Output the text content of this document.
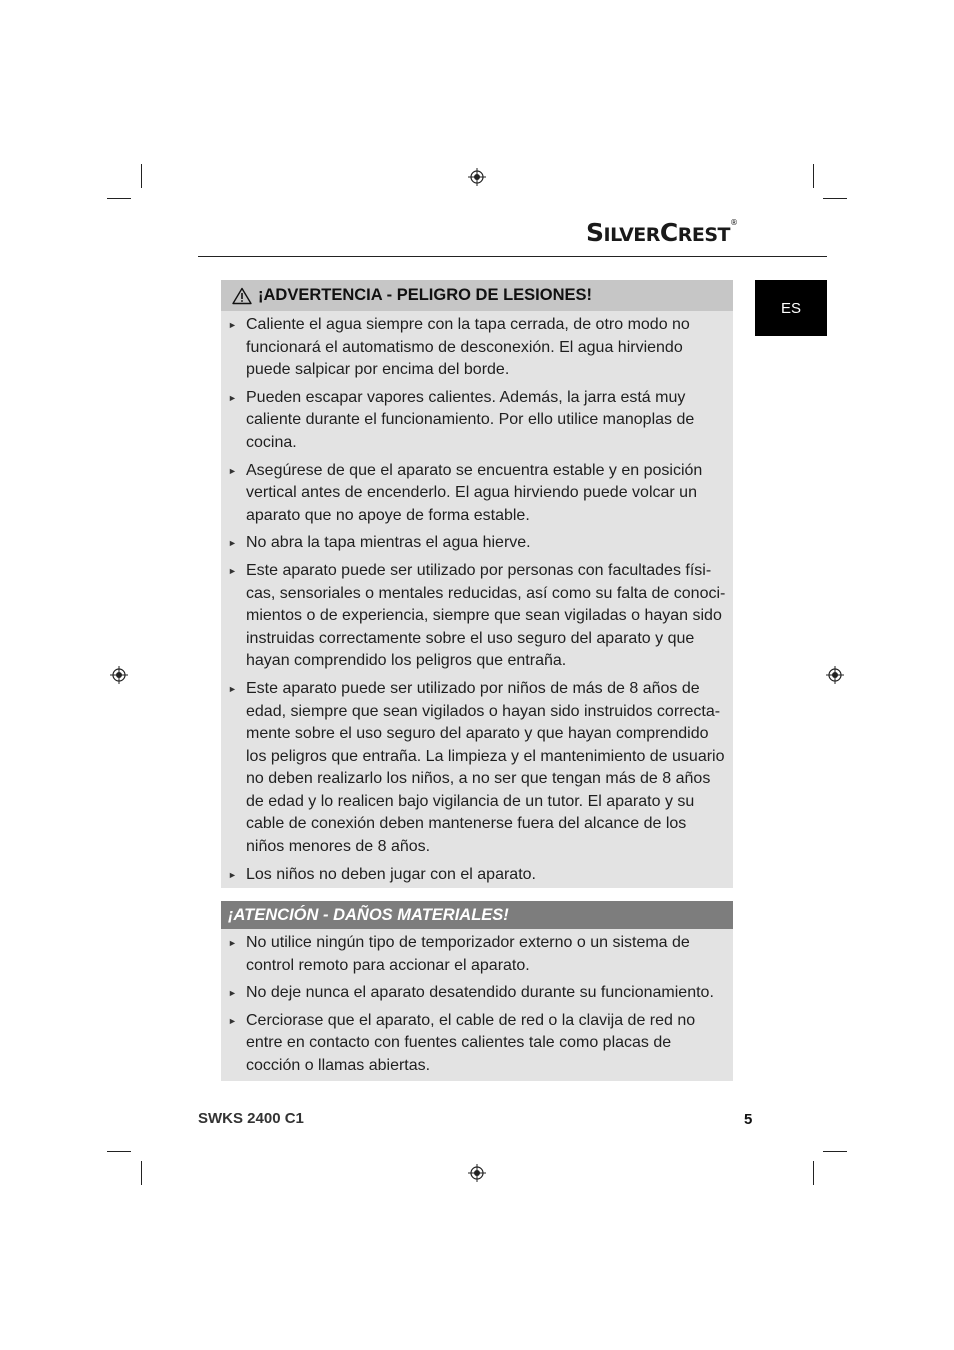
SILVERCREST®
ES
¡ADVERTENCIA - PELIGRO DE LESIONES!
► Caliente el agua siempre con la tapa cerrada, de otro modo no funcionará el automatismo de desconexión. El agua hirviendo puede salpicar por encima del borde.
► Pueden escapar vapores calientes. Además, la jarra está muy caliente durante el funcionamiento. Por ello utilice manoplas de cocina.
► Asegúrese de que el aparato se encuentra estable y en posición vertical antes de encenderlo. El agua hirviendo puede volcar un aparato que no apoye de forma estable.
► No abra la tapa mientras el agua hierve.
► Este aparato puede ser utilizado por personas con facultades físi-cas, sensoriales o mentales reducidas, así como su falta de conoci-mientos o de experiencia, siempre que sean vigiladas o hayan sido instruidas correctamente sobre el uso seguro del aparato y que hayan comprendido los peligros que entraña.
► Este aparato puede ser utilizado por niños de más de 8 años de edad, siempre que sean vigilados o hayan sido instruidos correcta-mente sobre el uso seguro del aparato y que hayan comprendido los peligros que entraña. La limpieza y el mantenimiento de usuario no deben realizarlo los niños, a no ser que tengan más de 8 años de edad y lo realicen bajo vigilancia de un tutor. El aparato y su cable de conexión deben mantenerse fuera del alcance de los niños menores de 8 años.
► Los niños no deben jugar con el aparato.
¡ATENCIÓN - DAÑOS MATERIALES!
► No utilice ningún tipo de temporizador externo o un sistema de control remoto para accionar el aparato.
► No deje nunca el aparato desatendido durante su funcionamiento.
► Cerciorase que el aparato, el cable de red o la clavija de red no entre en contacto con fuentes calientes tale como placas de cocción o llamas abiertas.
SWKS 2400 C1	5
